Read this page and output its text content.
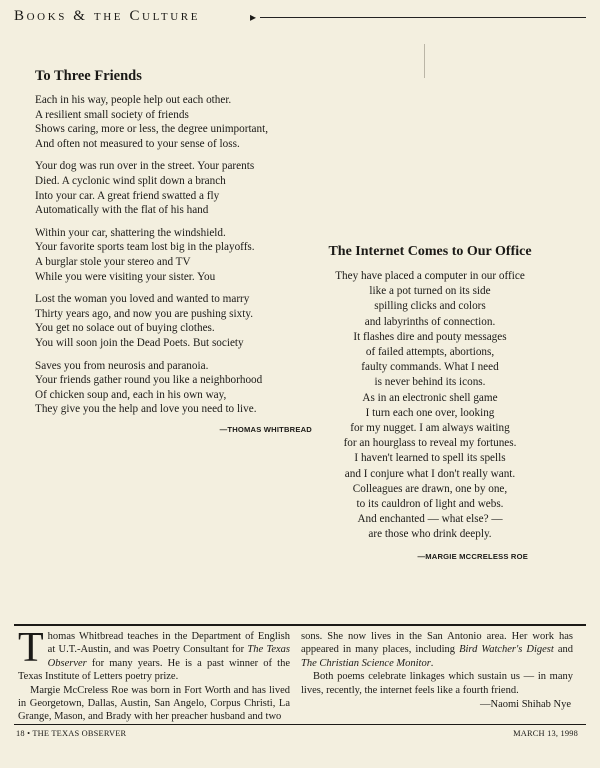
Books & the Culture	▸
To Three Friends
Each in his way, people help out each other.
A resilient small society of friends
Shows caring, more or less, the degree unimportant,
And often not measured to your sense of loss.
Your dog was run over in the street. Your parents
Died. A cyclonic wind split down a branch
Into your car. A great friend swatted a fly
Automatically with the flat of his hand
Within your car, shattering the windshield.
Your favorite sports team lost big in the playoffs.
A burglar stole your stereo and TV
While you were visiting your sister. You
Lost the woman you loved and wanted to marry
Thirty years ago, and now you are pushing sixty.
You get no solace out of buying clothes.
You will soon join the Dead Poets. But society
Saves you from neurosis and paranoia.
Your friends gather round you like a neighborhood
Of chicken soup and, each in his own way,
They give you the help and love you need to live.
—THOMAS WHITBREAD
The Internet Comes to Our Office
They have placed a computer in our office
like a pot turned on its side
spilling clicks and colors
and labyrinths of connection.
It flashes dire and pouty messages
of failed attempts, abortions,
faulty commands. What I need
is never behind its icons.
As in an electronic shell game
I turn each one over, looking
for my nugget. I am always waiting
for an hourglass to reveal my fortunes.
I haven't learned to spell its spells
and I conjure what I don't really want.
Colleagues are drawn, one by one,
to its cauldron of light and webs.
And enchanted — what else? —
are those who drink deeply.
—MARGIE MCCRELESS ROE

Thomas Whitbread teaches in the Department of English at U.T.-Austin, and was Poetry Consultant for The Texas Observer for many years. He is a past winner of the Texas Institute of Letters poetry prize.

Margie McCreless Roe was born in Fort Worth and has lived in Georgetown, Dallas, Austin, San Angelo, Corpus Christi, La Grange, Mason, and Brady with her preacher husband and two

sons. She now lives in the San Antonio area. Her work has appeared in many places, including Bird Watcher's Digest and The Christian Science Monitor.

Both poems celebrate linkages which sustain us — in many lives, recently, the internet feels like a fourth friend.

—Naomi Shihab Nye
18 • THE TEXAS OBSERVER	MARCH 13, 1998
